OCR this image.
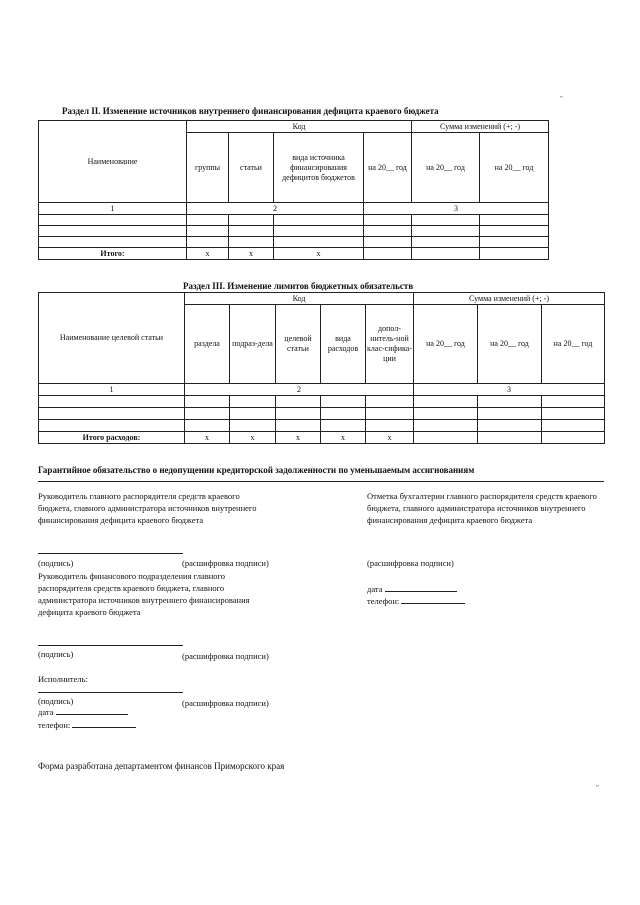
"
"
Раздел II. Изменение источников внутреннего финансирования дефицита краевого бюджета
Наименование	Код				Сумма изменений (+; -)	
	группы	статьи	вида источника финансирования дефицитов бюджетов	на 20__ год	на 20__ год	на 20__ год
1	2			3		

Итого:	х	х	х			
Раздел III. Изменение лимитов бюджетных обязательств
Наименование целевой статьи	Код					Сумма изменений (+; -)		
	раздела	подраз-дела	целевой статьи	вида расходов	допол-нитель-ной клас-сифика-ции	на 20__ год	на 20__ год	на 20__ год
1	2					3		

Итого расходов:	х	х	х	х	х			
Гарантийное обязательство о недопущении кредиторской задолженности по уменьшаемым ассигнованиям
Руководитель главного распорядителя средств краевого бюджета, главного администратора источников внутреннего финансирования дефицита краевого бюджета
(подпись)	(расшифровка подписи)
Руководитель финансового подразделения главного распорядителя средств краевого бюджета, главного администратора источников внутреннего финансирования дефицита краевого бюджета
(подпись)	(расшифровка подписи)
Исполнитель:
(подпись)	(расшифровка подписи)
дата
телефон:
Отметка бухгалтерии главного распорядителя средств краевого бюджета, главного администратора источников внутреннего финансирования дефицита краевого бюджета
(расшифровка подписи)
дата
телефон:
Форма разработана департаментом финансов Приморского края
